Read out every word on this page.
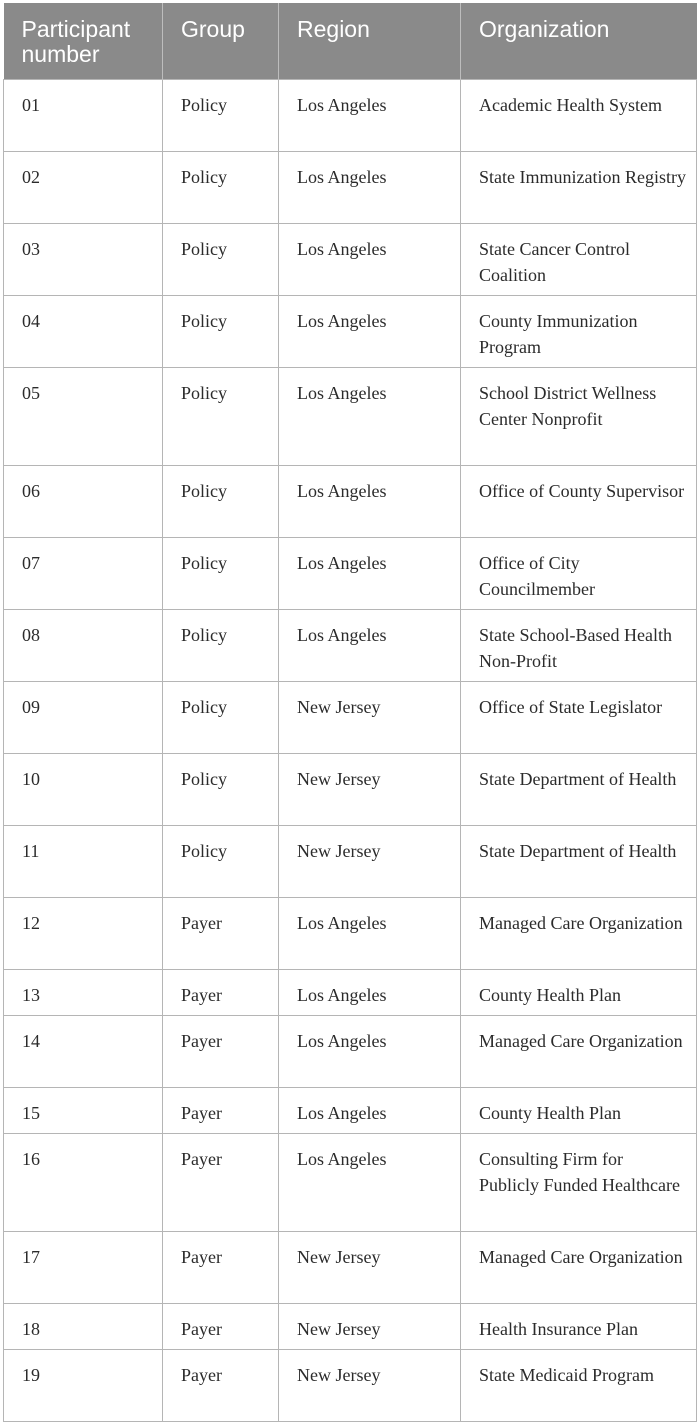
Participant number	Group	Region	Organization
01	Policy	Los Angeles	Academic Health System
02	Policy	Los Angeles	State Immunization Registry
03	Policy	Los Angeles	State Cancer Control Coalition
04	Policy	Los Angeles	County Immunization Program
05	Policy	Los Angeles	School District Wellness Center Nonprofit
06	Policy	Los Angeles	Office of County Supervisor
07	Policy	Los Angeles	Office of City Councilmember
08	Policy	Los Angeles	State School-Based Health Non-Profit
09	Policy	New Jersey	Office of State Legislator
10	Policy	New Jersey	State Department of Health
11	Policy	New Jersey	State Department of Health
12	Payer	Los Angeles	Managed Care Organization
13	Payer	Los Angeles	County Health Plan
14	Payer	Los Angeles	Managed Care Organization
15	Payer	Los Angeles	County Health Plan
16	Payer	Los Angeles	Consulting Firm for Publicly Funded Healthcare
17	Payer	New Jersey	Managed Care Organization
18	Payer	New Jersey	Health Insurance Plan
19	Payer	New Jersey	State Medicaid Program
